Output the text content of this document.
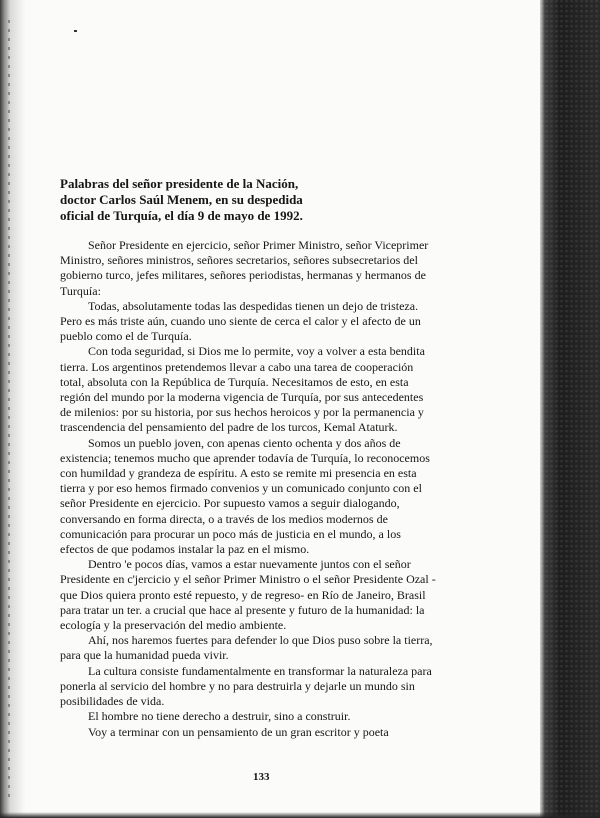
Palabras del señor presidente de la Nación,
doctor Carlos Saúl Menem, en su despedida
oficial de Turquía, el día 9 de mayo de 1992.

Señor Presidente en ejercicio, señor Primer Ministro, señor Viceprimer Ministro, señores ministros, señores secretarios, señores subsecretarios del gobierno turco, jefes militares, señores periodistas, hermanas y hermanos de Turquía:

Todas, absolutamente todas las despedidas tienen un dejo de tristeza. Pero es más triste aún, cuando uno siente de cerca el calor y el afecto de un pueblo como el de Turquía.

Con toda seguridad, si Dios me lo permite, voy a volver a esta bendita tierra. Los argentinos pretendemos llevar a cabo una tarea de cooperación total, absoluta con la República de Turquía. Necesitamos de esto, en esta región del mundo por la moderna vigencia de Turquía, por sus antecedentes de milenios: por su historia, por sus hechos heroicos y por la permanencia y trascendencia del pensamiento del padre de los turcos, Kemal Ataturk.

Somos un pueblo joven, con apenas ciento ochenta y dos años de existencia; tenemos mucho que aprender todavía de Turquía, lo reconocemos con humildad y grandeza de espíritu. A esto se remite mi presencia en esta tierra y por eso hemos firmado convenios y un comunicado conjunto con el señor Presidente en ejercicio. Por supuesto vamos a seguir dialogando, conversando en forma directa, o a través de los medios modernos de comunicación para procurar un poco más de justicia en el mundo, a los efectos de que podamos instalar la paz en el mismo.

Dentro 'e pocos días, vamos a estar nuevamente juntos con el señor Presidente en c'jercicio y el señor Primer Ministro o el señor Presidente Ozal - que Dios quiera pronto esté repuesto, y de regreso- en Río de Janeiro, Brasil para tratar un ter. a crucial que hace al presente y futuro de la humanidad: la ecología y la preservación del medio ambiente.

Ahí, nos haremos fuertes para defender lo que Dios puso sobre la tierra, para que la humanidad pueda vivir.

La cultura consiste fundamentalmente en transformar la naturaleza para ponerla al servicio del hombre y no para destruirla y dejarle un mundo sin posibilidades de vida.

El hombre no tiene derecho a destruir, sino a construir.

Voy a terminar con un pensamiento de un gran escritor y poeta

133
